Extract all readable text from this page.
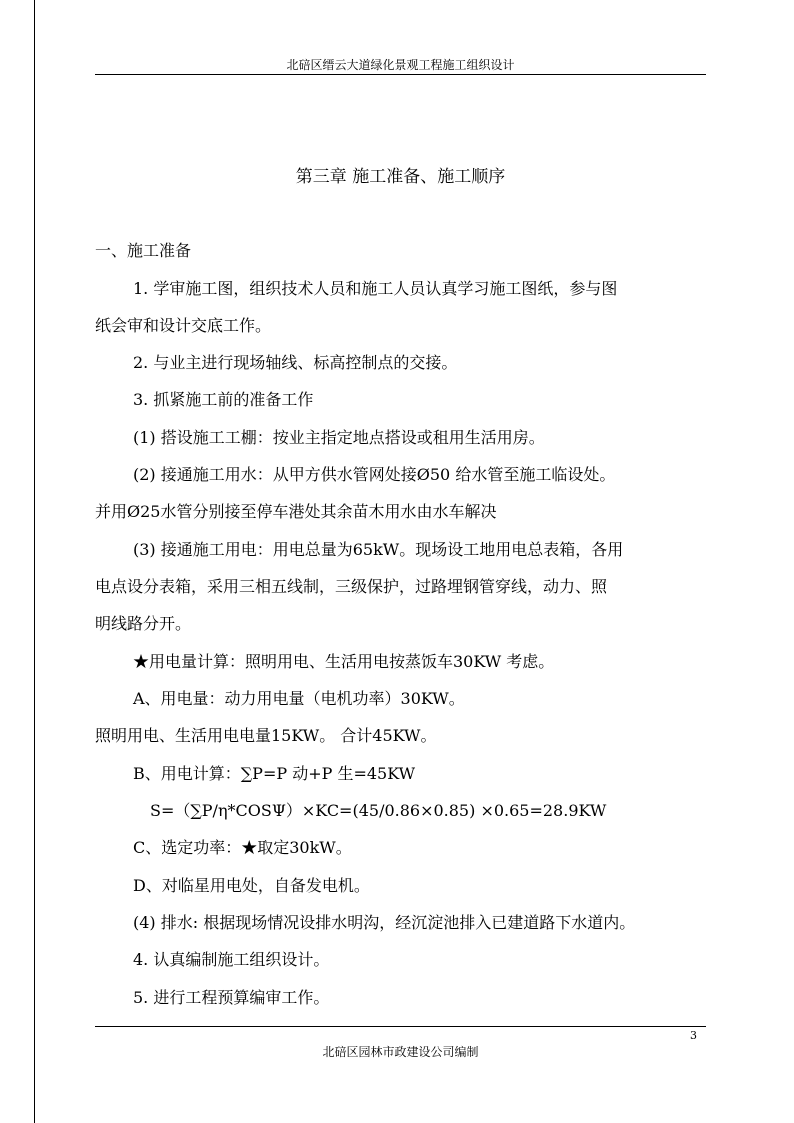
北碚区缙云大道绿化景观工程施工组织设计
第三章 施工准备、施工顺序
一、施工准备
1. 学审施工图，组织技术人员和施工人员认真学习施工图纸，参与图
纸会审和设计交底工作。
2. 与业主进行现场轴线、标高控制点的交接。
3. 抓紧施工前的准备工作
(1) 搭设施工工棚：按业主指定地点搭设或租用生活用房。
(2) 接通施工用水：从甲方供水管网处接Ø50 给水管至施工临设处。
并用Ø25水管分别接至停车港处其余苗木用水由水车解决
(3) 接通施工用电：用电总量为65kW。现场设工地用电总表箱，各用
电点设分表箱，采用三相五线制，三级保护，过路埋钢管穿线，动力、照
明线路分开。
★用电量计算：照明用电、生活用电按蒸饭车30KW 考虑。
A、用电量：动力用电量（电机功率）30KW。
照明用电、生活用电电量15KW。 合计45KW。
B、用电计算：∑P=P 动+P 生=45KW
S=（∑P/η*COSΨ）×KC=(45/0.86×0.85) ×0.65=28.9KW
C、选定功率：★取定30kW。
D、对临星用电处，自备发电机。
(4) 排水: 根据现场情况设排水明沟，经沉淀池排入已建道路下水道内。
4. 认真编制施工组织设计。
5. 进行工程预算编审工作。
3
北碚区园林市政建设公司编制
